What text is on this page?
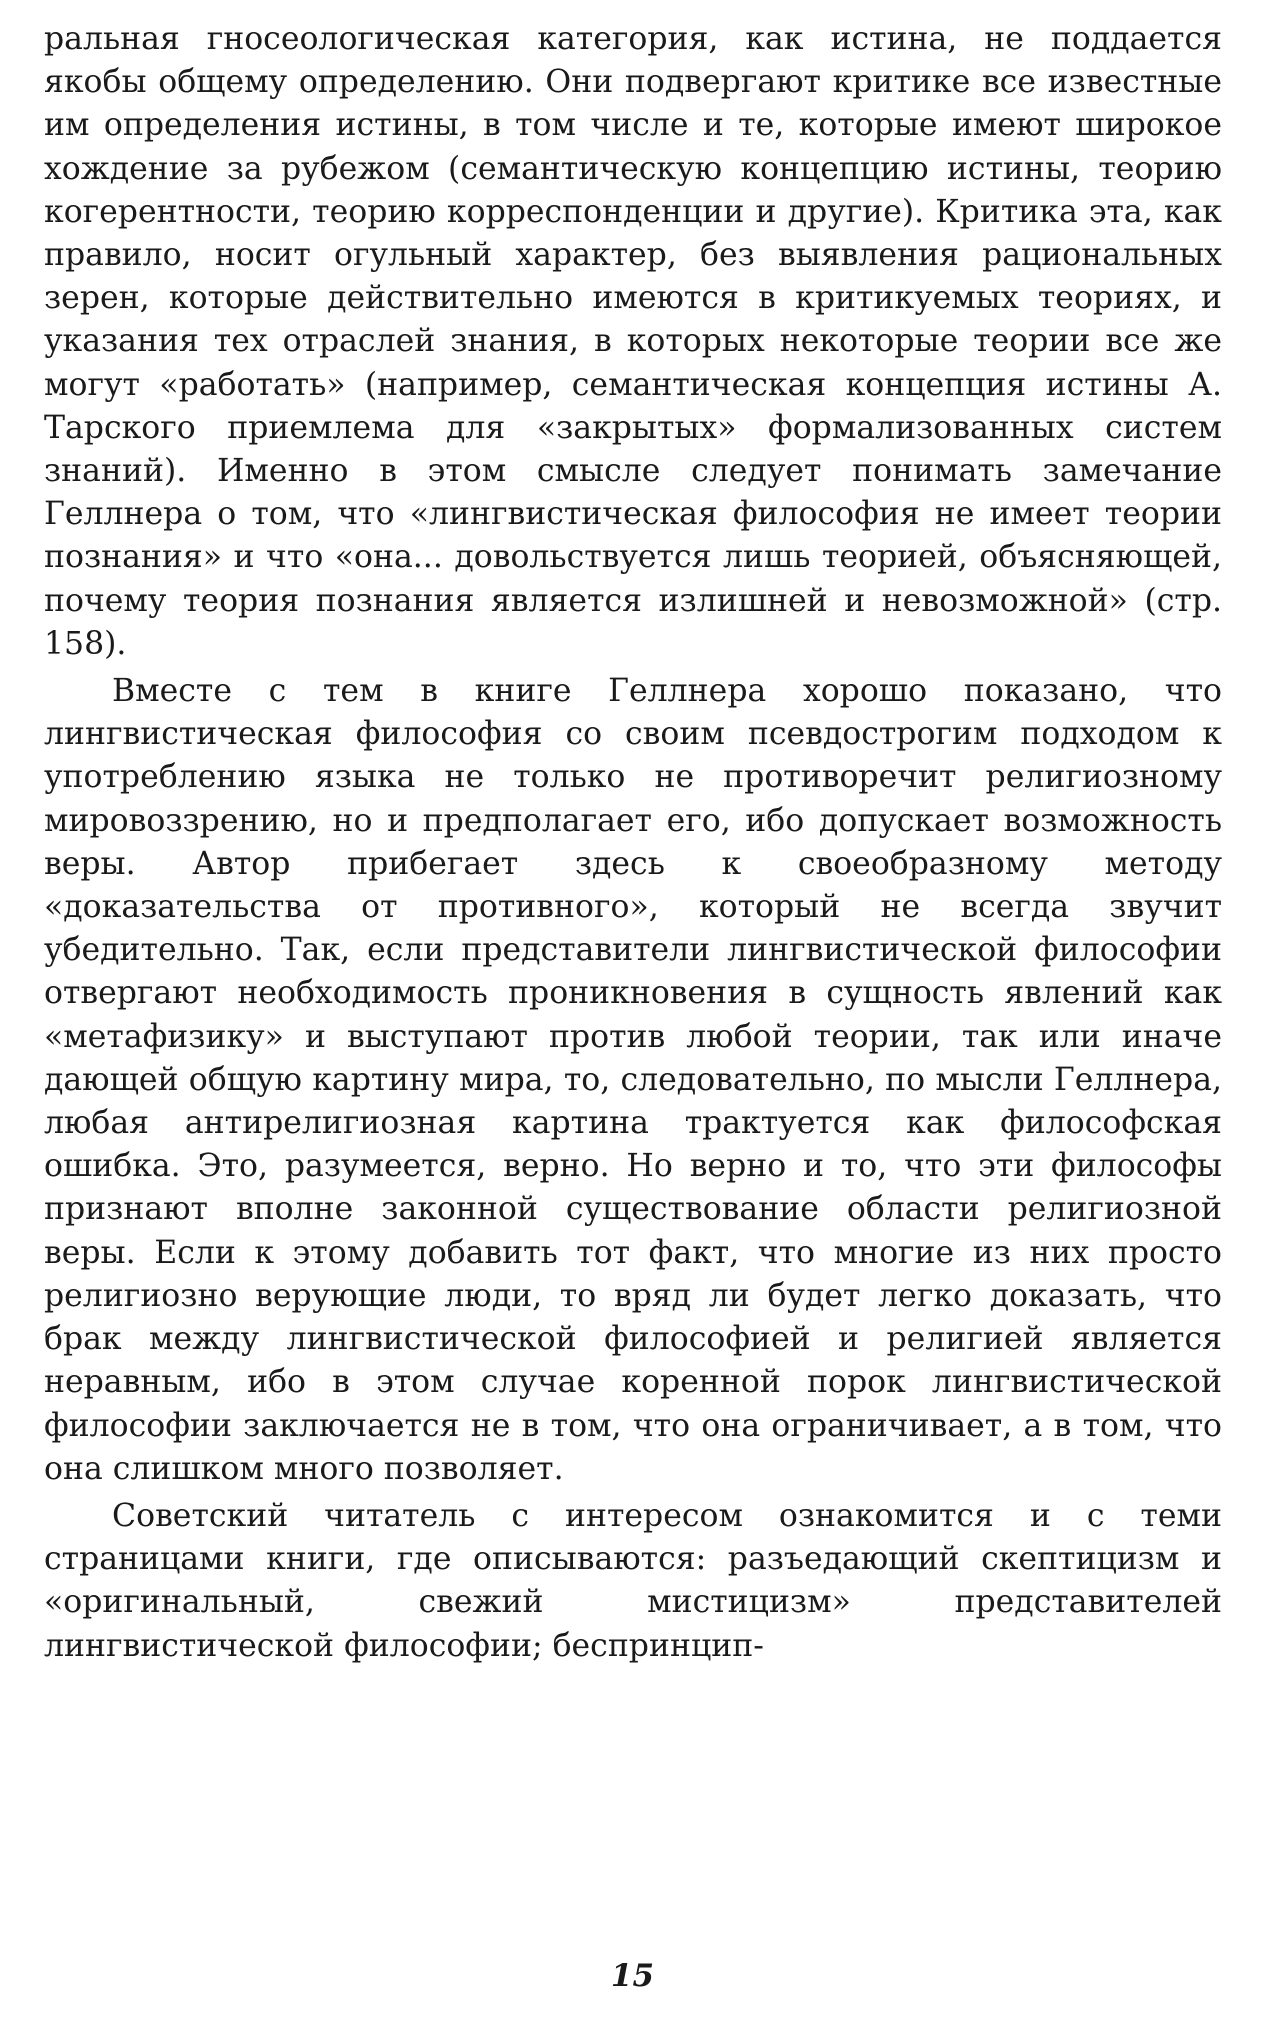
ральная гносеологическая категория, как истина, не поддается якобы общему определению. Они подвергают критике все известные им определения истины, в том числе и те, которые имеют широкое хождение за рубежом (семантическую концепцию истины, теорию когерентности, теорию корреспонденции и другие). Критика эта, как правило, носит огульный характер, без выявления рациональных зерен, которые действительно имеются в критикуемых теориях, и указания тех отраслей знания, в которых некоторые теории все же могут «работать» (например, семантическая концепция истины А. Тарского приемлема для «закрытых» формализованных систем знаний). Именно в этом смысле следует понимать замечание Геллнера о том, что «лингвистическая философия не имеет теории познания» и что «она... довольствуется лишь теорией, объясняющей, почему теория познания является излишней и невозможной» (стр. 158).

Вместе с тем в книге Геллнера хорошо показано, что лингвистическая философия со своим псевдострогим подходом к употреблению языка не только не противоречит религиозному мировоззрению, но и предполагает его, ибо допускает возможность веры. Автор прибегает здесь к своеобразному методу «доказательства от противного», который не всегда звучит убедительно. Так, если представители лингвистической философии отвергают необходимость проникновения в сущность явлений как «метафизику» и выступают против любой теории, так или иначе дающей общую картину мира, то, следовательно, по мысли Геллнера, любая антирелигиозная картина трактуется как философская ошибка. Это, разумеется, верно. Но верно и то, что эти философы признают вполне законной существование области религиозной веры. Если к этому добавить тот факт, что многие из них просто религиозно верующие люди, то вряд ли будет легко доказать, что брак между лингвистической философией и религией является неравным, ибо в этом случае коренной порок лингвистической философии заключается не в том, что она ограничивает, а в том, что она слишком много позволяет.

Советский читатель с интересом ознакомится и с теми страницами книги, где описываются: разъедающий скептицизм и «оригинальный, свежий мистицизм» представителей лингвистической философии; беспринцип-

15
